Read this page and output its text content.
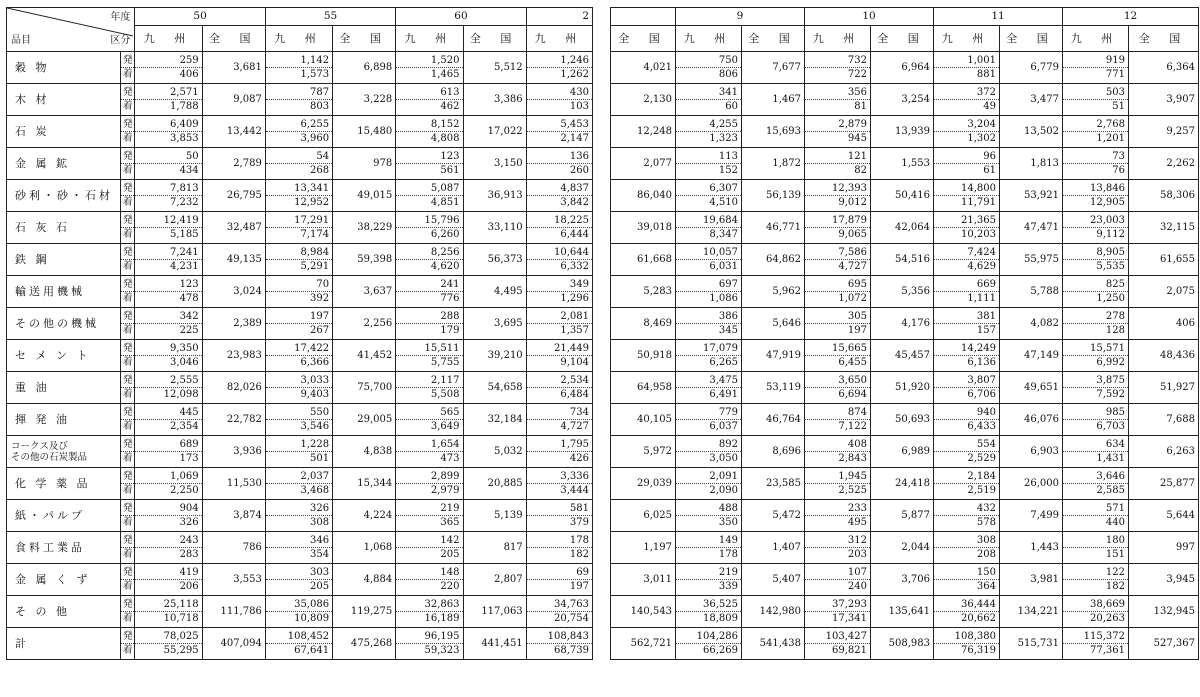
年度
品目 区分		50		55		60		2
		九 州	全 国	九 州	全 国	九 州	全 国	九 州
穀 物	発	259	3,681	1,142	6,898	1,520	5,512	1,246
	着	406		1,573		1,465		1,262
木 材	発	2,571	9,087	787	3,228	613	3,386	430
	着	1,788		803		462		103
石 炭	発	6,409	13,442	6,255	15,480	8,152	17,022	5,453
	着	3,853		3,960		4,808		2,147
金 属 鉱	発	50	2,789	54	978	123	3,150	136
	着	434		268		561		260
砂利・砂・石材	発	7,813	26,795	13,341	49,015	5,087	36,913	4,837
	着	7,232		12,952		4,851		3,842
石 灰 石	発	12,419	32,487	17,291	38,229	15,796	33,110	18,225
	着	5,185		7,174		6,260		6,444
鉄 鋼	発	7,241	49,135	8,984	59,398	8,256	56,373	10,644
	着	4,231		5,291		4,620		6,332
輸送用機械	発	123	3,024	70	3,637	241	4,495	349
	着	478		392		776		1,296
その他の機械	発	342	2,389	197	2,256	288	3,695	2,081
	着	225		267		179		1,357
セ メ ン ト	発	9,350	23,983	17,422	41,452	15,511	39,210	21,449
	着	3,046		6,366		5,755		9,104
重 油	発	2,555	82,026	3,033	75,700	2,117	54,658	2,534
	着	12,098		9,403		5,508		6,484
揮 発 油	発	445	22,782	550	29,005	565	32,184	734
	着	2,354		3,546		3,649		4,727

コークス及び
その他の石炭製品	発	689	3,936	1,228	4,838	1,654	5,032	1,795
	着	173		501		473		426
化 学 薬 品	発	1,069	11,530	2,037	15,344	2,899	20,885	3,336
	着	2,250		3,468		2,979		3,444
紙・パルプ	発	904	3,874	326	4,224	219	5,139	581
	着	326		308		365		379
食料工業品	発	243	786	346	1,068	142	817	178
	着	283		354		205		182
金 属 く ず	発	419	3,553	303	4,884	148	2,807	69
	着	206		205		220		197
そ の 他	発	25,118	111,786	35,086	119,275	32,863	117,063	34,763
	着	10,718		10,809		16,189		20,754
計	発	78,025	407,094	108,452	475,268	96,195	441,451	108,843
	着	55,295		67,641		59,323		68,739
	9		10		11		12	
全 国	九 州	全 国	九 州	全 国	九 州	全 国	九 州	全 国
4,021	750	7,677	732	6,964	1,001	6,779	919	6,364
	806		722		881		771	
2,130	341	1,467	356	3,254	372	3,477	503	3,907
	60		81		49		51	
12,248	4,255	15,693	2,879	13,939	3,204	13,502	2,768	9,257
	1,323		945		1,302		1,201	
2,077	113	1,872	121	1,553	96	1,813	73	2,262
	152		82		61		76	
86,040	6,307	56,139	12,393	50,416	14,800	53,921	13,846	58,306
	4,510		9,012		11,791		12,905	
39,018	19,684	46,771	17,879	42,064	21,365	47,471	23,003	32,115
	8,347		9,065		10,203		9,112	
61,668	10,057	64,862	7,586	54,516	7,424	55,975	8,905	61,655
	6,031		4,727		4,629		5,535	
5,283	697	5,962	695	5,356	669	5,788	825	2,075
	1,086		1,072		1,111		1,250	
8,469	386	5,646	305	4,176	381	4,082	278	406
	345		197		157		128	
50,918	17,079	47,919	15,665	45,457	14,249	47,149	15,571	48,436
	6,265		6,455		6,136		6,992	
64,958	3,475	53,119	3,650	51,920	3,807	49,651	3,875	51,927
	6,491		6,694		6,706		7,592	
40,105	779	46,764	874	50,693	940	46,076	985	7,688
	6,037		7,122		6,433		6,703	
5,972	892	8,696	408	6,989	554	6,903	634	6,263
	3,050		2,843		2,529		1,431	
29,039	2,091	23,585	1,945	24,418	2,184	26,000	3,646	25,877
	2,090		2,525		2,519		2,585	
6,025	488	5,472	233	5,877	432	7,499	571	5,644
	350		495		578		440	
1,197	149	1,407	312	2,044	308	1,443	180	997
	178		203		208		151	
3,011	219	5,407	107	3,706	150	3,981	122	3,945
	339		240		364		182	
140,543	36,525	142,980	37,293	135,641	36,444	134,221	38,669	132,945
	18,809		17,341		20,662		20,263	
562,721	104,286	541,438	103,427	508,983	108,380	515,731	115,372	527,367
	66,269		69,821		76,319		77,361	
